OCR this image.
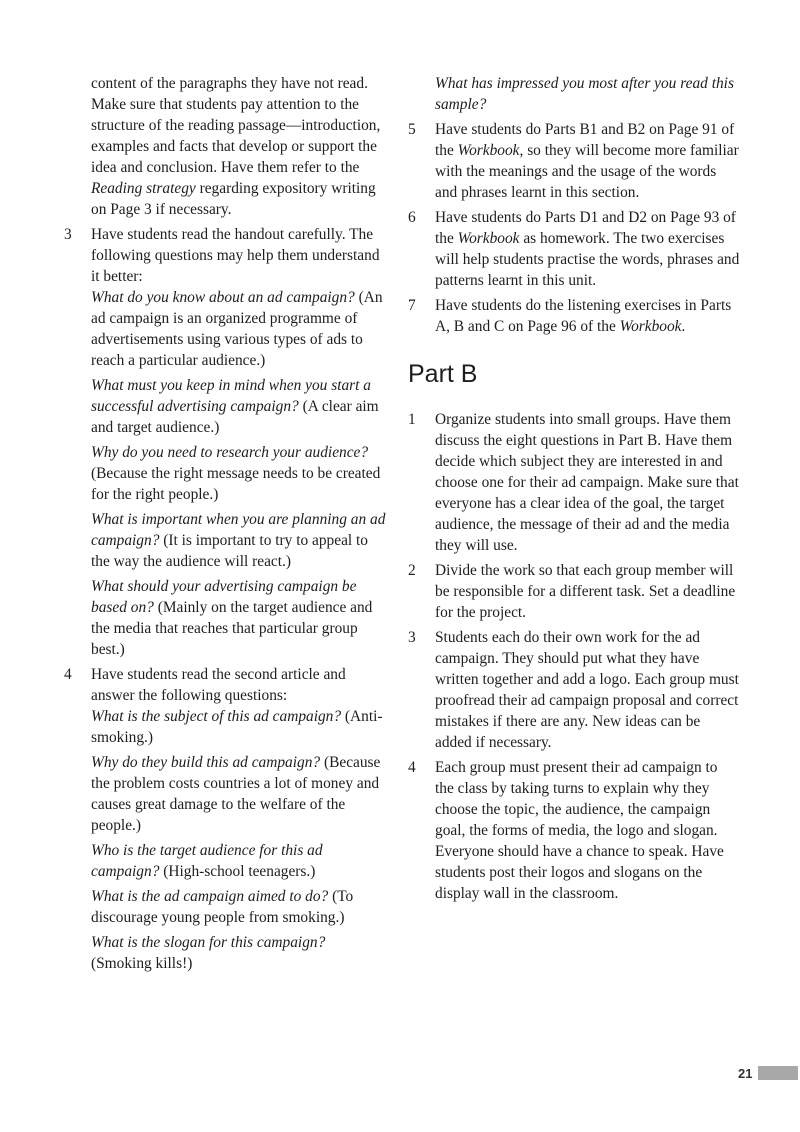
content of the paragraphs they have not read. Make sure that students pay attention to the structure of the reading passage—introduction, examples and facts that develop or support the idea and conclusion. Have them refer to the Reading strategy regarding expository writing on Page 3 if necessary.

3	Have students read the handout carefully. The following questions may help them understand it better:

What do you know about an ad campaign? (An ad campaign is an organized programme of advertisements using various types of ads to reach a particular audience.)

What must you keep in mind when you start a successful advertising campaign? (A clear aim and target audience.)

Why do you need to research your audience? (Because the right message needs to be created for the right people.)

What is important when you are planning an ad campaign? (It is important to try to appeal to the way the audience will react.)

What should your advertising campaign be based on? (Mainly on the target audience and the media that reaches that particular group best.)

4	Have students read the second article and answer the following questions:

What is the subject of this ad campaign? (Anti-smoking.)

Why do they build this ad campaign? (Because the problem costs countries a lot of money and causes great damage to the welfare of the people.)

Who is the target audience for this ad campaign? (High-school teenagers.)

What is the ad campaign aimed to do? (To discourage young people from smoking.)

What is the slogan for this campaign? (Smoking kills!)

What has impressed you most after you read this sample?

5	Have students do Parts B1 and B2 on Page 91 of the Workbook, so they will become more familiar with the meanings and the usage of the words and phrases learnt in this section.

6	Have students do Parts D1 and D2 on Page 93 of the Workbook as homework. The two exercises will help students practise the words, phrases and patterns learnt in this unit.

7	Have students do the listening exercises in Parts A, B and C on Page 96 of the Workbook.

Part B
1	Organize students into small groups. Have them discuss the eight questions in Part B. Have them decide which subject they are interested in and choose one for their ad campaign. Make sure that everyone has a clear idea of the goal, the target audience, the message of their ad and the media they will use.

2	Divide the work so that each group member will be responsible for a different task. Set a deadline for the project.

3	Students each do their own work for the ad campaign. They should put what they have written together and add a logo. Each group must proofread their ad campaign proposal and correct mistakes if there are any. New ideas can be added if necessary.

4	Each group must present their ad campaign to the class by taking turns to explain why they choose the topic, the audience, the campaign goal, the forms of media, the logo and slogan. Everyone should have a chance to speak. Have students post their logos and slogans on the display wall in the classroom.

21
